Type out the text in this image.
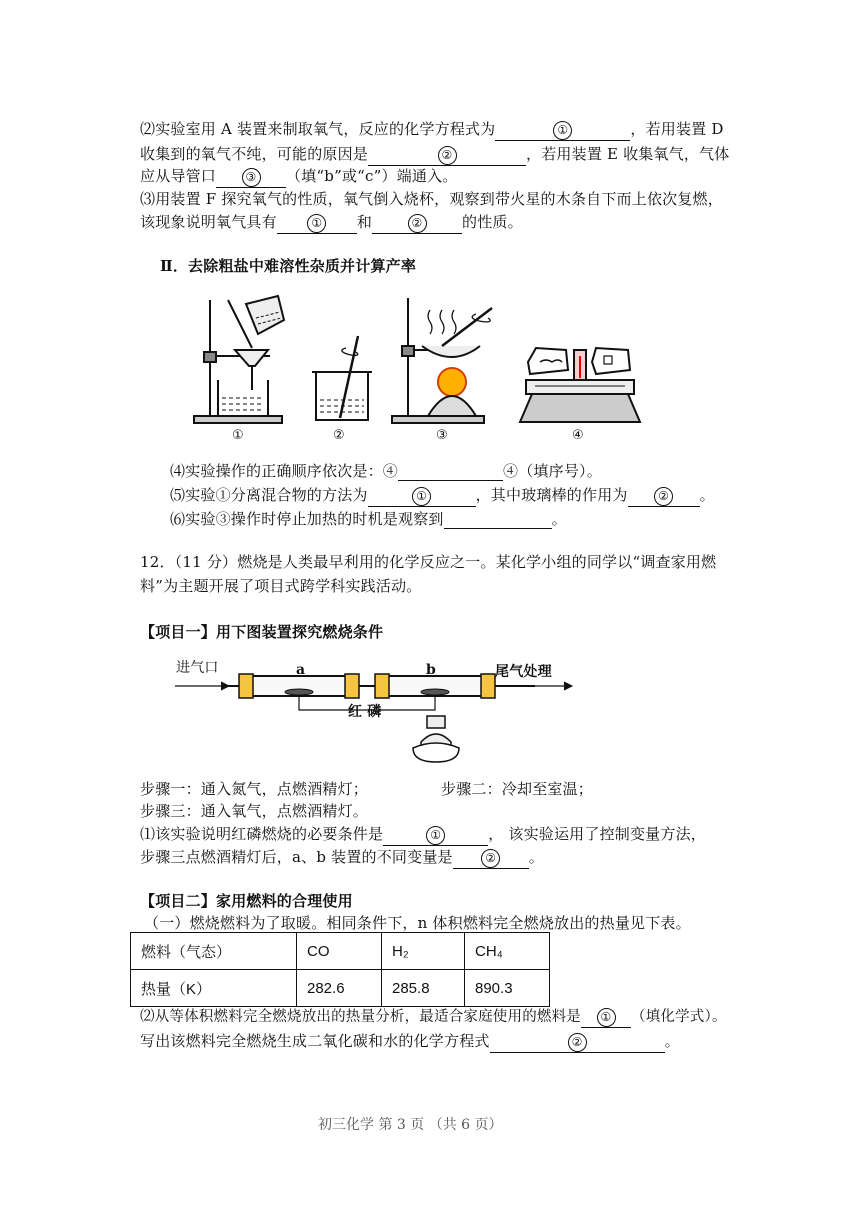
⑵实验室用 A 装置来制取氧气，反应的化学方程式为	①	，若用装置 D
收集到的氧气不纯，可能的原因是	②	，若用装置 E 收集氧气，气体
应从导管口 ③ （填“b”或“c”）端通入。
⑶用装置 F 探究氧气的性质，氧气倒入烧杯，观察到带火星的木条自下而上依次复燃，
该现象说明氧气具有	① 和	②	的性质。
Ⅱ．去除粗盐中难溶性杂质并计算产率
①	②	③	④
⑷实验操作的正确顺序依次是：④	④（填序号）。
⑸实验①分离混合物的方法为	①	，其中玻璃棒的作用为	② 。
⑹实验③操作时停止加热的时机是观察到	。
12．（11 分）燃烧是人类最早利用的化学反应之一。某化学小组的同学以“调查家用燃
料”为主题开展了项目式跨学科实践活动。
【项目一】用下图装置探究燃烧条件
进气口	a	b	尾气处理
红 磷
步骤一：通入氮气，点燃酒精灯；	步骤二：冷却至室温；
步骤三：通入氧气，点燃酒精灯。
⑴该实验说明红磷燃烧的必要条件是	①	， 该实验运用了控制变量方法，
步骤三点燃酒精灯后，a、b 装置的不同变量是	② 。
【项目二】家用燃料的合理使用
（一）燃烧燃料为了取暖。相同条件下，n 体积燃料完全燃烧放出的热量见下表。
燃料（气态）	CO	H₂	CH₄
热量（K）	282.6	285.8	890.3
⑵从等体积燃料完全燃烧放出的热量分析，最适合家庭使用的燃料是 ① （填化学式）。
写出该燃料完全燃烧生成二氧化碳和水的化学方程式	②	。
初三化学 第 3 页 （共 6 页）
